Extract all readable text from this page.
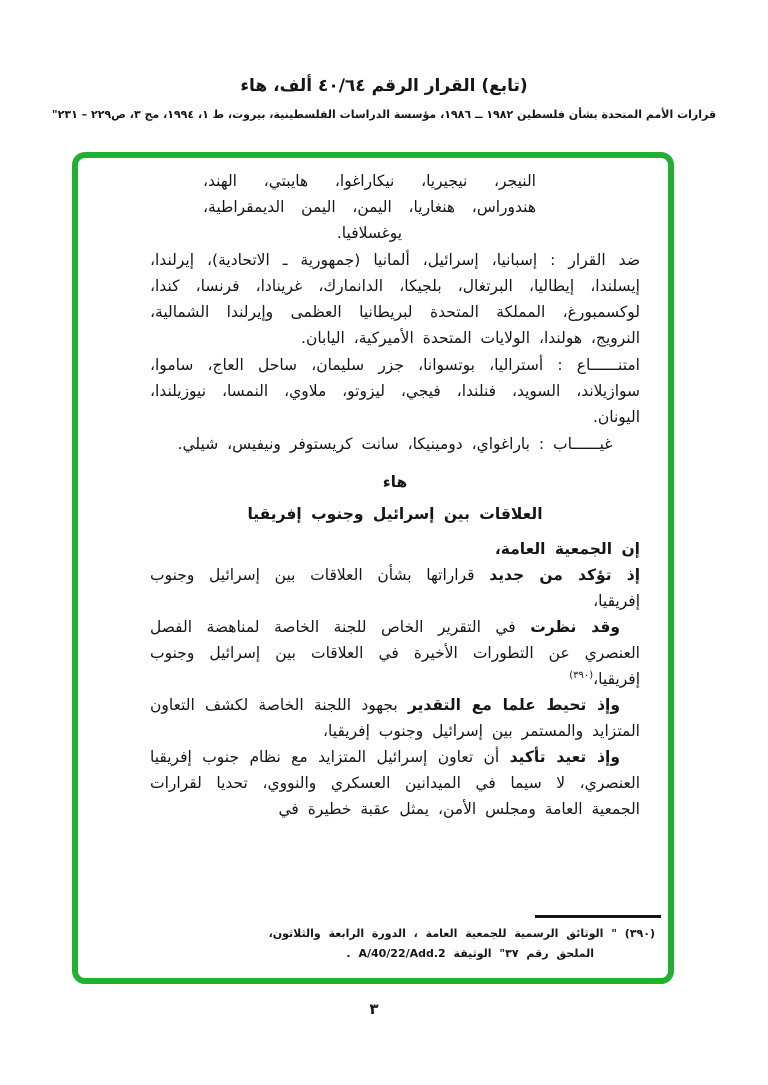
(تابع) القرار الرقم ٤٠/٦٤ ألف، هاء
قرارات الأمم المتحدة بشأن فلسطين ١٩٨٢ ــ ١٩٨٦، مؤسسة الدراسات الفلسطينية، بيروت، ط ١، ١٩٩٤، مج ٣، ص٢٢٩ – ٢٣١"

النيجر، نيجيريا، نيكاراغوا، هايبتي، الهند، هندوراس، هنغاريا، اليمن، اليمن الديمقراطية، يوغسلافيا.

ضد القرار : إسبانيا، إسرائيل، ألمانيا (جمهورية ـ الاتحادية)، إيرلندا، إيسلندا، إيطاليا، البرتغال، بلجيكا، الدانمارك، غرينادا، فرنسا، كندا، لوكسمبورغ، المملكة المتحدة لبريطانيا العظمى وإيرلندا الشمالية، النرويج، هولندا، الولايات المتحدة الأميركية، اليابان.

امتنــــــاع : أستراليا، بوتسوانا، جزر سليمان، ساحل العاج، ساموا، سوازيلاند، السويد، فنلندا، فيجي، ليزوتو، ملاوي، النمسا، نيوزيلندا، اليونان.

غيــــــاب : باراغواي، دومينيكا، سانت كريستوفر ونيفيس، شيلي.

هاء
العلاقات بين إسرائيل وجنوب إفريقيا

إن الجمعية العامة،

إذ تؤكد من جديد قراراتها بشأن العلاقات بين إسرائيل وجنوب إفريقيا،

وقد نظرت في التقرير الخاص للجنة الخاصة لمناهضة الفصل العنصري عن التطورات الأخيرة في العلاقات بين إسرائيل وجنوب إفريقيا،$^{(٣٩٠)}$

وإذ تحيط علما مع التقدير بجهود اللجنة الخاصة لكشف التعاون المتزايد والمستمر بين إسرائيل وجنوب إفريقيا،

وإذ تعيد تأكيد أن تعاون إسرائيل المتزايد مع نظام جنوب إفريقيا العنصري، لا سيما في الميدانين العسكري والنووي، تحديا لقرارات الجمعية العامة ومجلس الأمن، يمثل عقبة خطيرة في

(٣٩٠) " الوثائق الرسمية للجمعية العامة ، الدورة الرابعة والثلاثون،
الملحق رقم ٣٧" الوثيقة A/40/22/Add.2 .
٣
